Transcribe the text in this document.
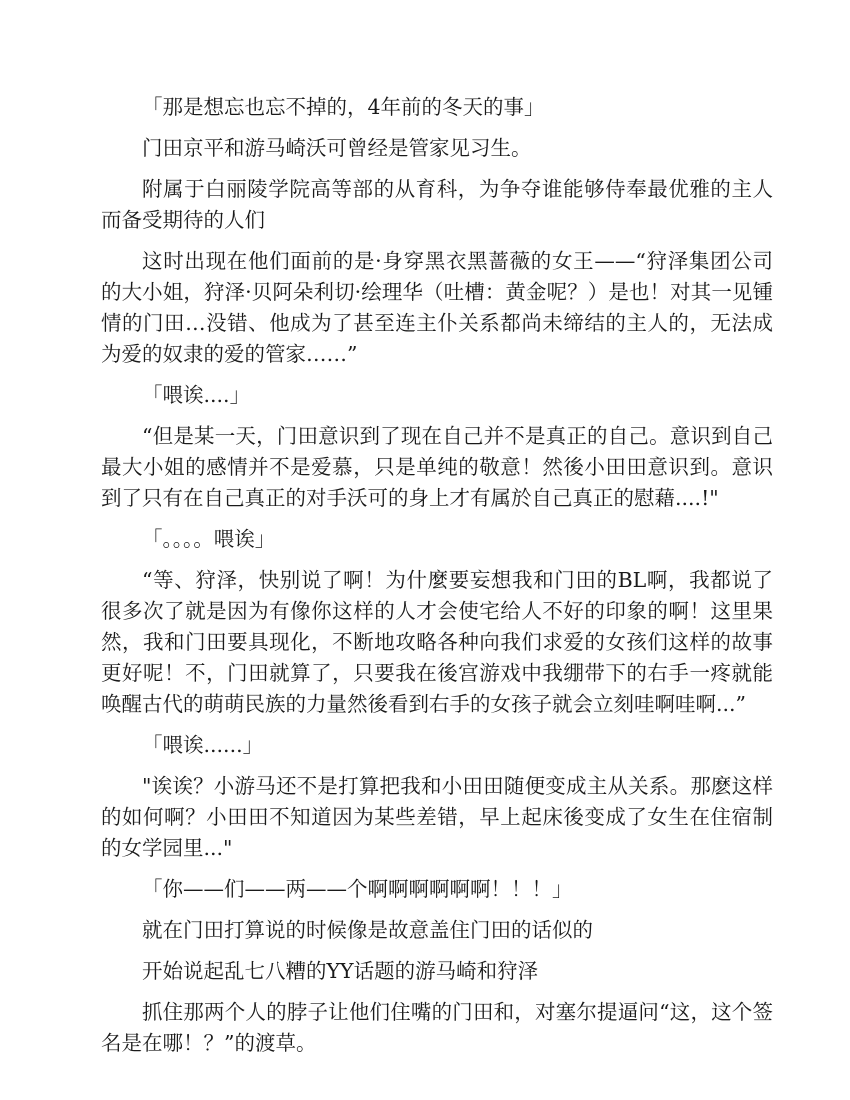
「那是想忘也忘不掉的，4年前的冬天的事」

门田京平和游马崎沃可曾经是管家见习生。

附属于白丽陵学院高等部的从育科，为争夺谁能够侍奉最优雅的主人而备受期待的人们

这时出现在他们面前的是·身穿黑衣黑蔷薇的女王——“狩泽集团公司的大小姐，狩泽·贝阿朵利切·绘理华（吐槽：黄金呢？）是也！对其一见锺情的门田…没错、他成为了甚至连主仆关系都尚未缔结的主人的，无法成为爱的奴隶的爱的管家……”

「喂诶....」

“但是某一天，门田意识到了现在自己并不是真正的自己。意识到自己最大小姐的感情并不是爱慕，只是单纯的敬意！然後小田田意识到。意识到了只有在自己真正的对手沃可的身上才有属於自己真正的慰藉....!"

「。。。。喂诶」

“等、狩泽，快别说了啊！为什麼要妄想我和门田的BL啊，我都说了很多次了就是因为有像你这样的人才会使宅给人不好的印象的啊！这里果然，我和门田要具现化，不断地攻略各种向我们求爱的女孩们这样的故事更好呢！不，门田就算了，只要我在後宫游戏中我绷带下的右手一疼就能唤醒古代的萌萌民族的力量然後看到右手的女孩子就会立刻哇啊哇啊...”

「喂诶......」

"诶诶？小游马还不是打算把我和小田田随便变成主从关系。那麽这样的如何啊？小田田不知道因为某些差错，早上起床後变成了女生在住宿制的女学园里..."

「你——们——两——个啊啊啊啊啊啊！！！」

就在门田打算说的时候像是故意盖住门田的话似的

开始说起乱七八糟的YY话题的游马崎和狩泽

抓住那两个人的脖子让他们住嘴的门田和，对塞尔提逼问“这，这个签名是在哪！？”的渡草。
